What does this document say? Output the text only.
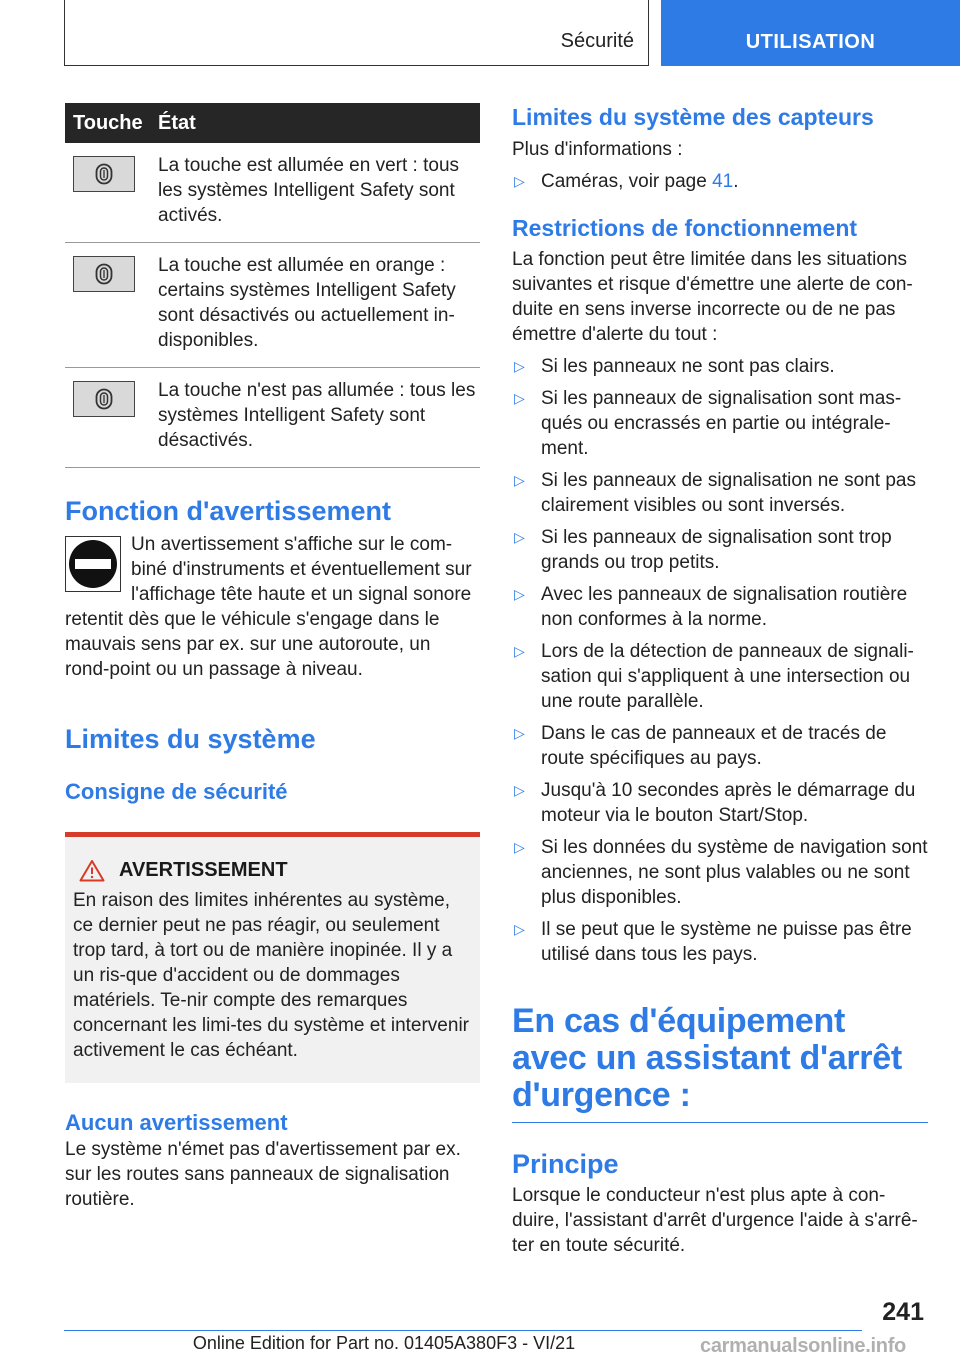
Sécurité	UTILISATION
Touche État
La touche est allumée en vert : tous les systèmes Intelligent Safety sont activés.
La touche est allumée en orange : certains systèmes Intelligent Safety sont désactivés ou actuellement in-disponibles.
La touche n'est pas allumée : tous les systèmes Intelligent Safety sont désactivés.
Fonction d'avertissement

Un avertissement s'affiche sur le com-biné d'instruments et éventuellement sur l'affichage tête haute et un signal sonore retentit dès que le véhicule s'engage dans le mauvais sens par ex. sur une autoroute, un rond-point ou un passage à niveau.

Limites du système
Consigne de sécurité
AVERTISSEMENT

En raison des limites inhérentes au système, ce dernier peut ne pas réagir, ou seulement trop tard, à tort ou de manière inopinée. Il y a un ris-que d'accident ou de dommages matériels. Te-nir compte des remarques concernant les limi-tes du système et intervenir activement le cas échéant.

Aucun avertissement

Le système n'émet pas d'avertissement par ex. sur les routes sans panneaux de signalisation routière.

Limites du système des capteurs

Plus d'informations :

▷ Caméras, voir page 41.
Restrictions de fonctionnement

La fonction peut être limitée dans les situations suivantes et risque d'émettre une alerte de con-duite en sens inverse incorrecte ou de ne pas émettre d'alerte du tout :

▷ Si les panneaux ne sont pas clairs.
▷ Si les panneaux de signalisation sont mas-qués ou encrassés en partie ou intégrale-ment.
▷ Si les panneaux de signalisation ne sont pas clairement visibles ou sont inversés.
▷ Si les panneaux de signalisation sont trop grands ou trop petits.
▷ Avec les panneaux de signalisation routière non conformes à la norme.
▷ Lors de la détection de panneaux de signali-sation qui s'appliquent à une intersection ou une route parallèle.
▷ Dans le cas de panneaux et de tracés de route spécifiques au pays.
▷ Jusqu'à 10 secondes après le démarrage du moteur via le bouton Start/Stop.
▷ Si les données du système de navigation sont anciennes, ne sont plus valables ou ne sont plus disponibles.
▷ Il se peut que le système ne puisse pas être utilisé dans tous les pays.
En cas d'équipement avec un assistant d'arrêt d'urgence :
Principe

Lorsque le conducteur n'est plus apte à con-duire, l'assistant d'arrêt d'urgence l'aide à s'arrê-ter en toute sécurité.

241
Online Edition for Part no. 01405A380F3 - VI/21	carmanualsonline.info
